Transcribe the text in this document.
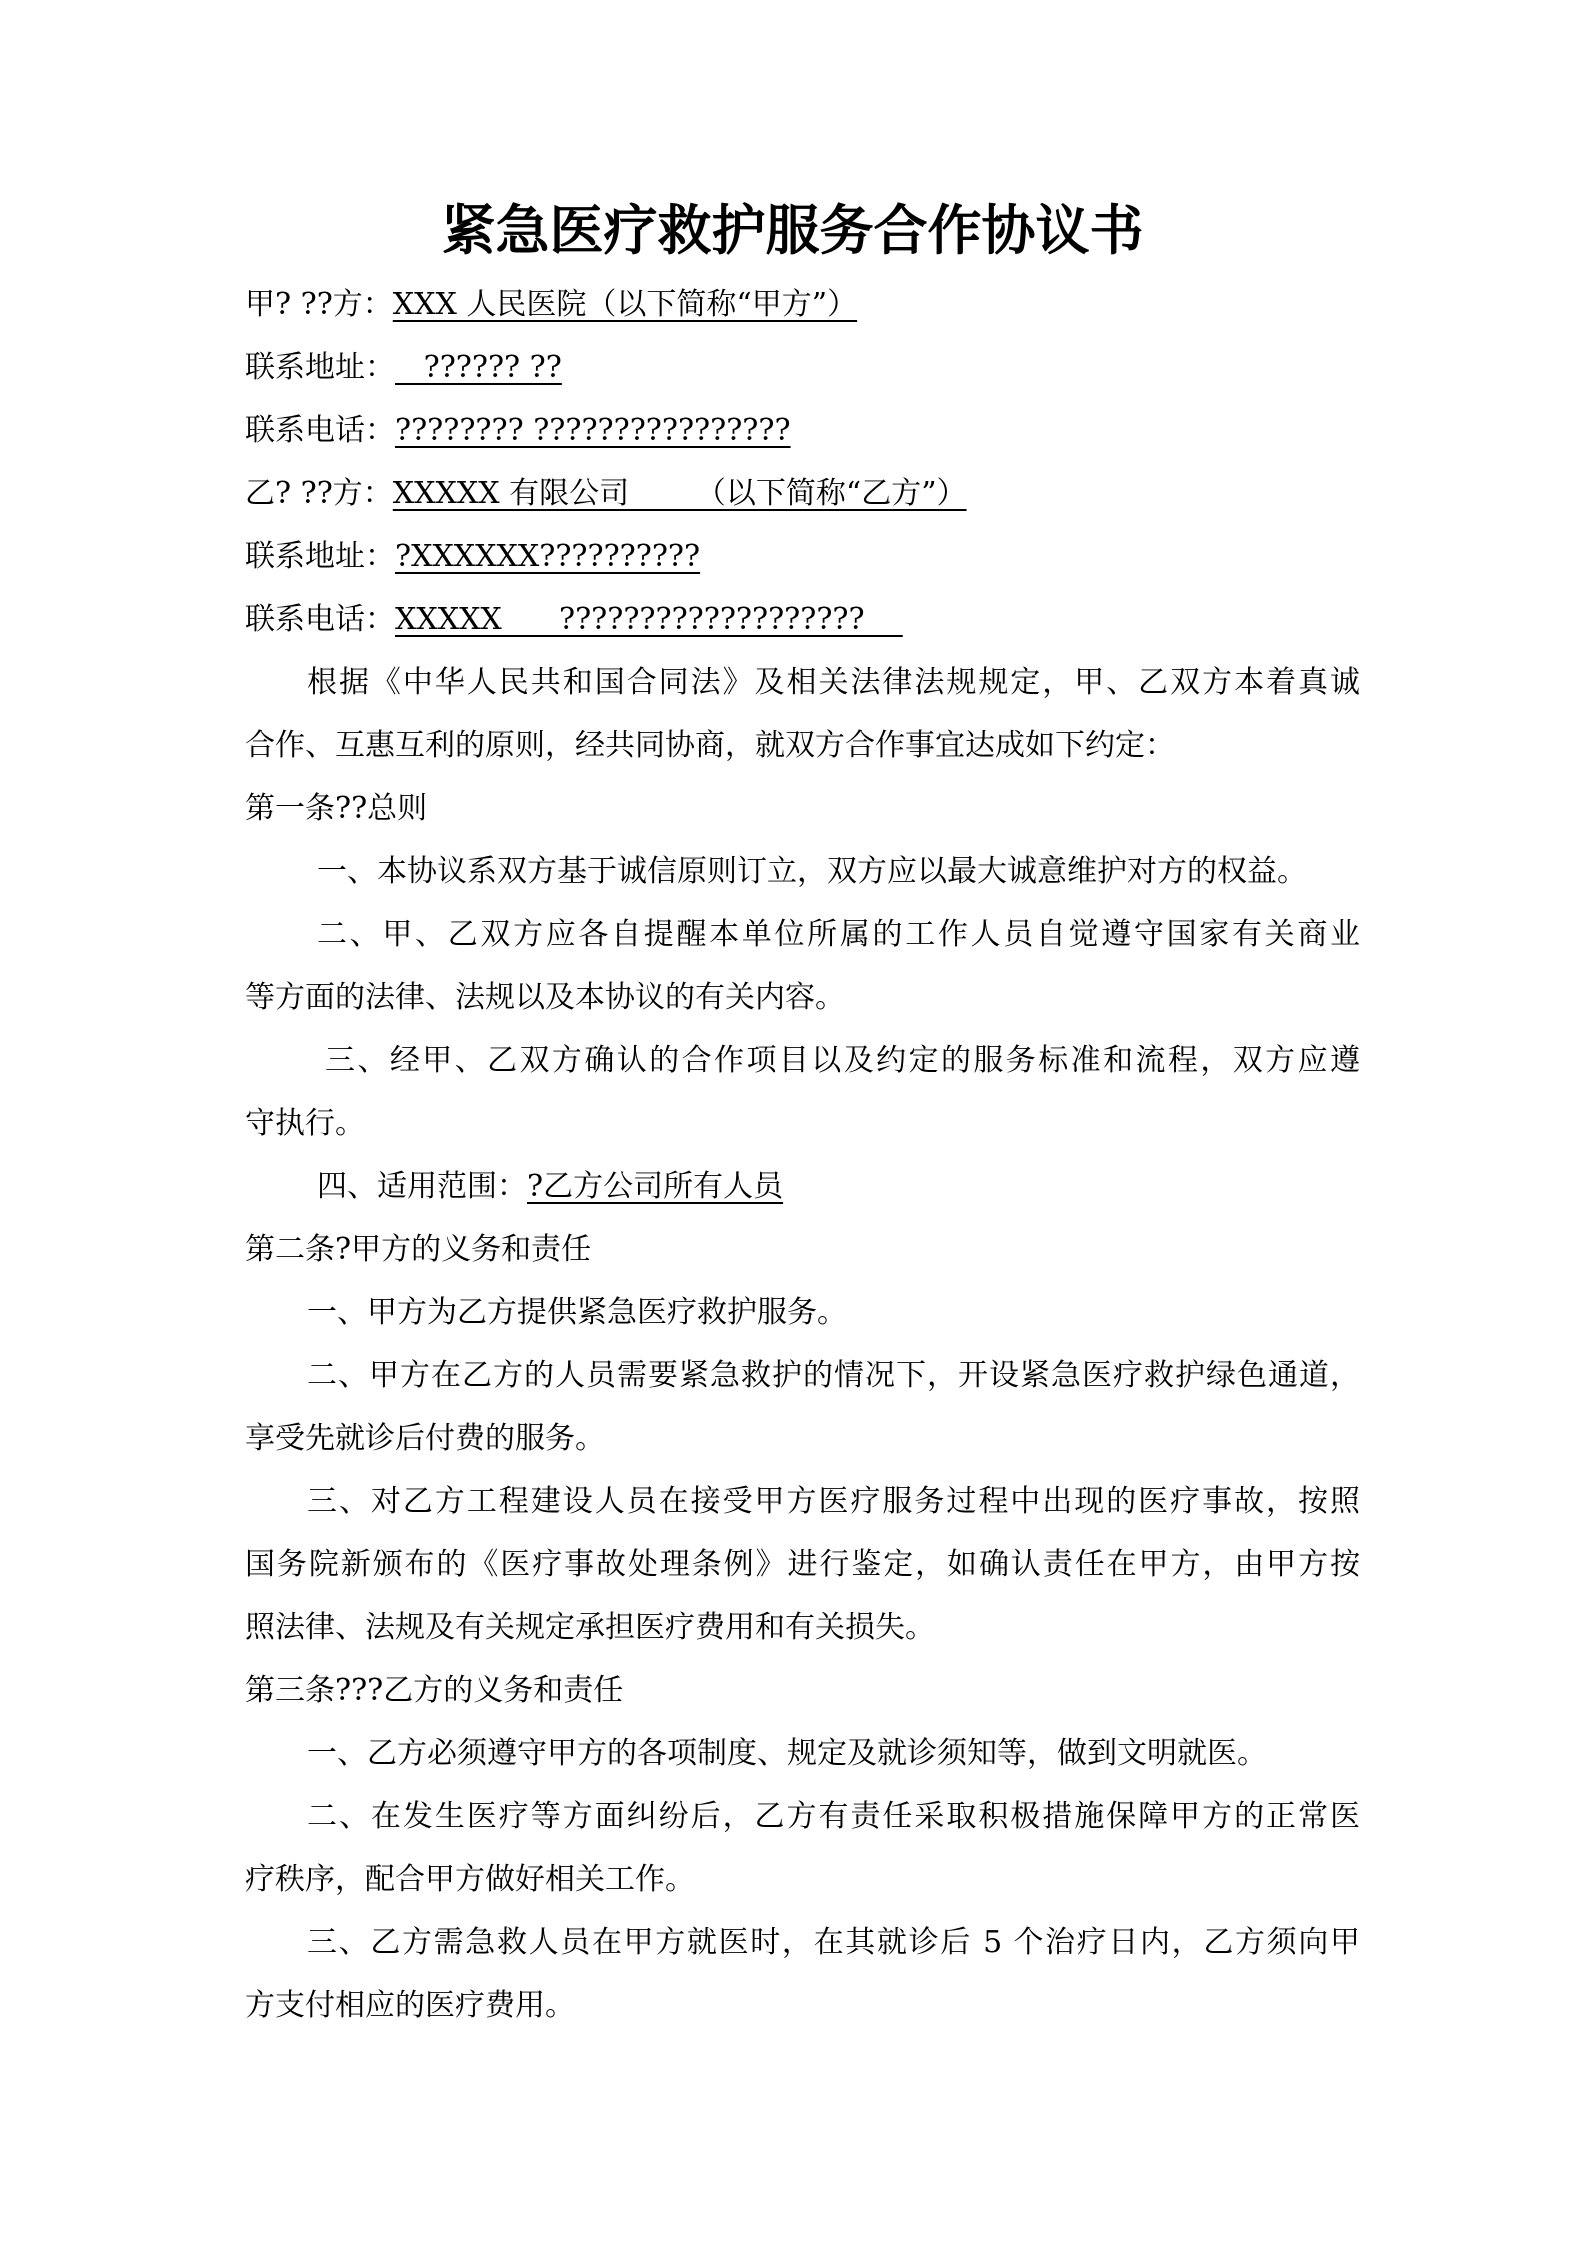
紧急医疗救护服务合作协议书
甲? ??方：XXX 人民医院（以下简称“甲方”）
联系地址：   ?????? ??
联系电话：???????? ????????????????
乙? ??方：XXXXX 有限公司       （以下简称“乙方”）
联系地址：?XXXXXX??????????
联系电话：XXXXX      ???????????????????
根据《中华人民共和国合同法》及相关法律法规规定，甲、乙双方本着真诚
合作、互惠互利的原则，经共同协商，就双方合作事宜达成如下约定：
第一条??总则
一、本协议系双方基于诚信原则订立，双方应以最大诚意维护对方的权益。
二、甲、乙双方应各自提醒本单位所属的工作人员自觉遵守国家有关商业
等方面的法律、法规以及本协议的有关内容。
三、经甲、乙双方确认的合作项目以及约定的服务标准和流程，双方应遵
守执行。
四、适用范围：?乙方公司所有人员
第二条?甲方的义务和责任
一、甲方为乙方提供紧急医疗救护服务。
二、甲方在乙方的人员需要紧急救护的情况下，开设紧急医疗救护绿色通道，
享受先就诊后付费的服务。
三、对乙方工程建设人员在接受甲方医疗服务过程中出现的医疗事故，按照
国务院新颁布的《医疗事故处理条例》进行鉴定，如确认责任在甲方，由甲方按
照法律、法规及有关规定承担医疗费用和有关损失。
第三条???乙方的义务和责任
一、乙方必须遵守甲方的各项制度、规定及就诊须知等，做到文明就医。
二、在发生医疗等方面纠纷后，乙方有责任采取积极措施保障甲方的正常医
疗秩序，配合甲方做好相关工作。
三、乙方需急救人员在甲方就医时，在其就诊后 5 个治疗日内，乙方须向甲
方支付相应的医疗费用。
